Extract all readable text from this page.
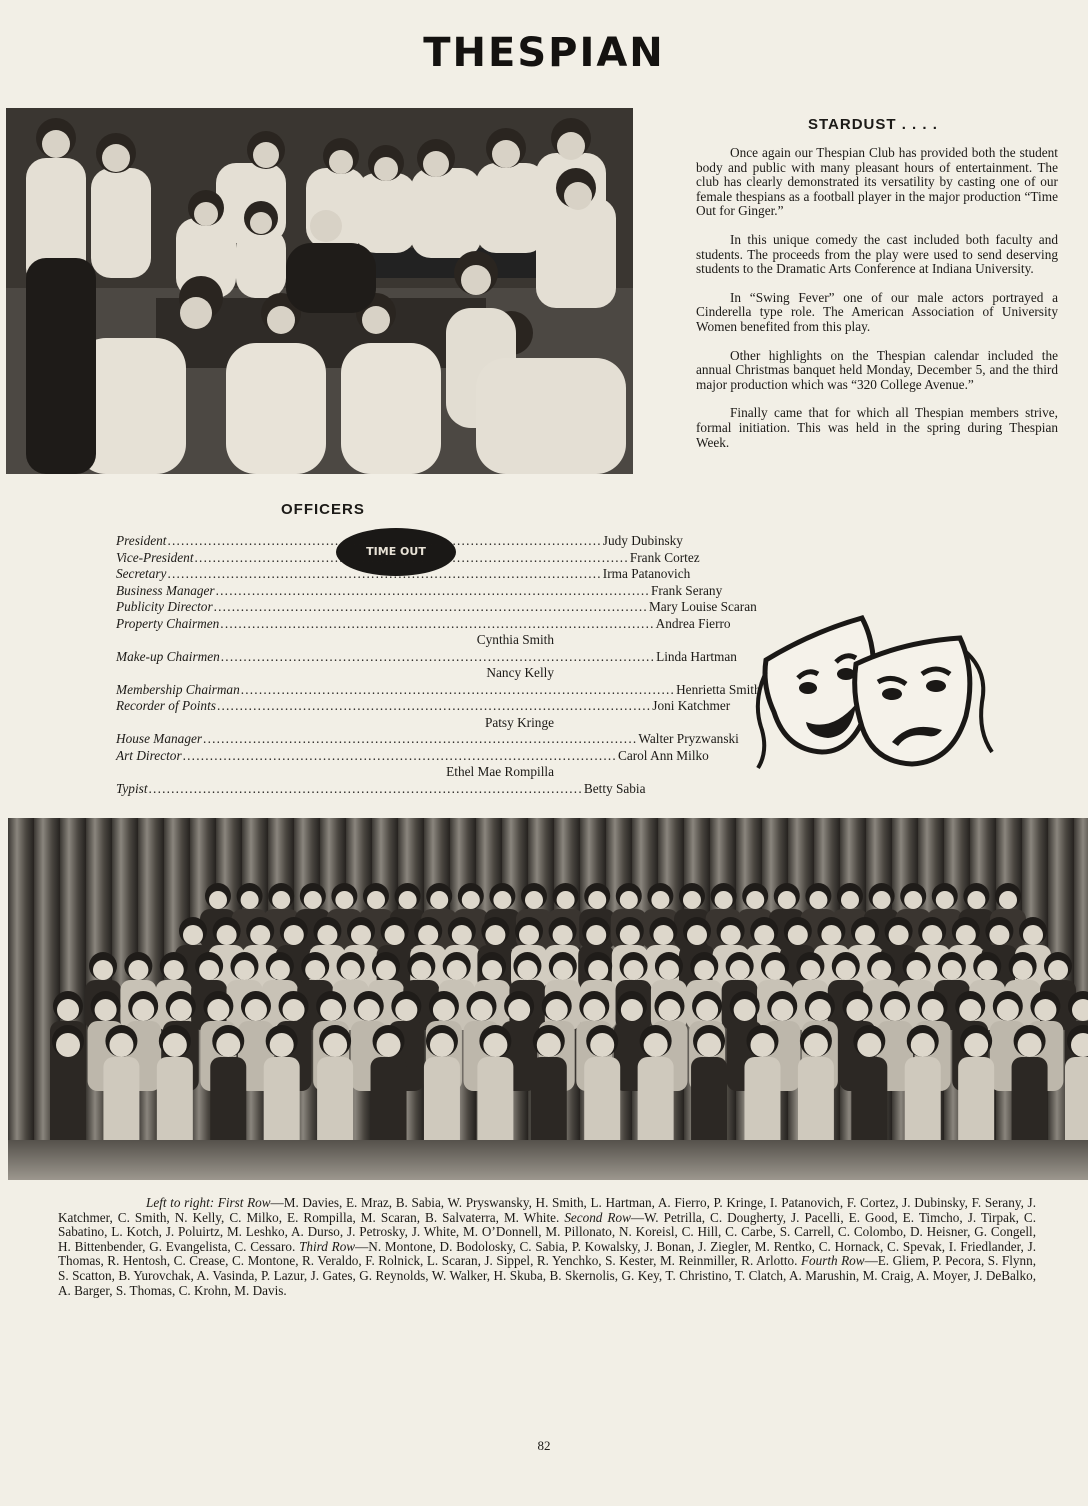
THESPIAN
TIME OUT
STARDUST . . . .

Once again our Thespian Club has provided both the student body and public with many pleasant hours of entertainment. The club has clearly demonstrated its versatility by casting one of our female thespians as a football player in the major production “Time Out for Ginger.”

In this unique comedy the cast included both faculty and students. The proceeds from the play were used to send deserving students to the Dramatic Arts Conference at Indiana University.

In “Swing Fever” one of our male actors portrayed a Cinderella type role. The American Association of University Women benefited from this play.

Other highlights on the Thespian calendar included the annual Christmas banquet held Monday, December 5, and the third major production which was “320 College Avenue.”

Finally came that for which all Thespian members strive, formal initiation. This was held in the spring during Thespian Week.

OFFICERS
President .....	Judy Dubinsky
Vice-President .....	Frank Cortez
Secretary .....	Irma Patanovich
Business Manager .....	Frank Serany
Publicity Director .....	Mary Louise Scaran
Property Chairmen .....	Andrea Fierro
Cynthia Smith
Make-up Chairmen .....	Linda Hartman
Nancy Kelly
Membership Chairman .....	Henrietta Smith
Recorder of Points .....	Joni Katchmer
Patsy Kringe
House Manager .....	Walter Pryzwanski
Art Director .....	Carol Ann Milko
Ethel Mae Rompilla
Typist .....	Betty Sabia
Left to right: First Row—M. Davies, E. Mraz, B. Sabia, W. Pryswansky, H. Smith, L. Hartman, A. Fierro, P. Kringe, I. Patanovich, F. Cortez, J. Dubinsky, F. Serany, J. Katchmer, C. Smith, N. Kelly, C. Milko, E. Rompilla, M. Scaran, B. Salvaterra, M. White. Second Row—W. Petrilla, C. Dougherty, J. Pacelli, E. Good, E. Timcho, J. Tirpak, C. Sabatino, L. Kotch, J. Poluirtz, M. Leshko, A. Durso, J. Petrosky, J. White, M. O’Donnell, M. Pillonato, N. Koreisl, C. Hill, C. Carbe, S. Carrell, C. Colombo, D. Heisner, G. Congell, H. Bittenbender, G. Evangelista, C. Cessaro. Third Row—N. Montone, D. Bodolosky, C. Sabia, P. Kowalsky, J. Bonan, J. Ziegler, M. Rentko, C. Hornack, C. Spevak, I. Friedlander, J. Thomas, R. Hentosh, C. Crease, C. Montone, R. Veraldo, F. Rolnick, L. Scaran, J. Sippel, R. Yenchko, S. Kester, M. Reinmiller, R. Arlotto. Fourth Row—E. Gliem, P. Pecora, S. Flynn, S. Scatton, B. Yurovchak, A. Vasinda, P. Lazur, J. Gates, G. Reynolds, W. Walker, H. Skuba, B. Skernolis, G. Key, T. Christino, T. Clatch, A. Marushin, M. Craig, A. Moyer, J. DeBalko, A. Barger, S. Thomas, C. Krohn, M. Davis.
82
